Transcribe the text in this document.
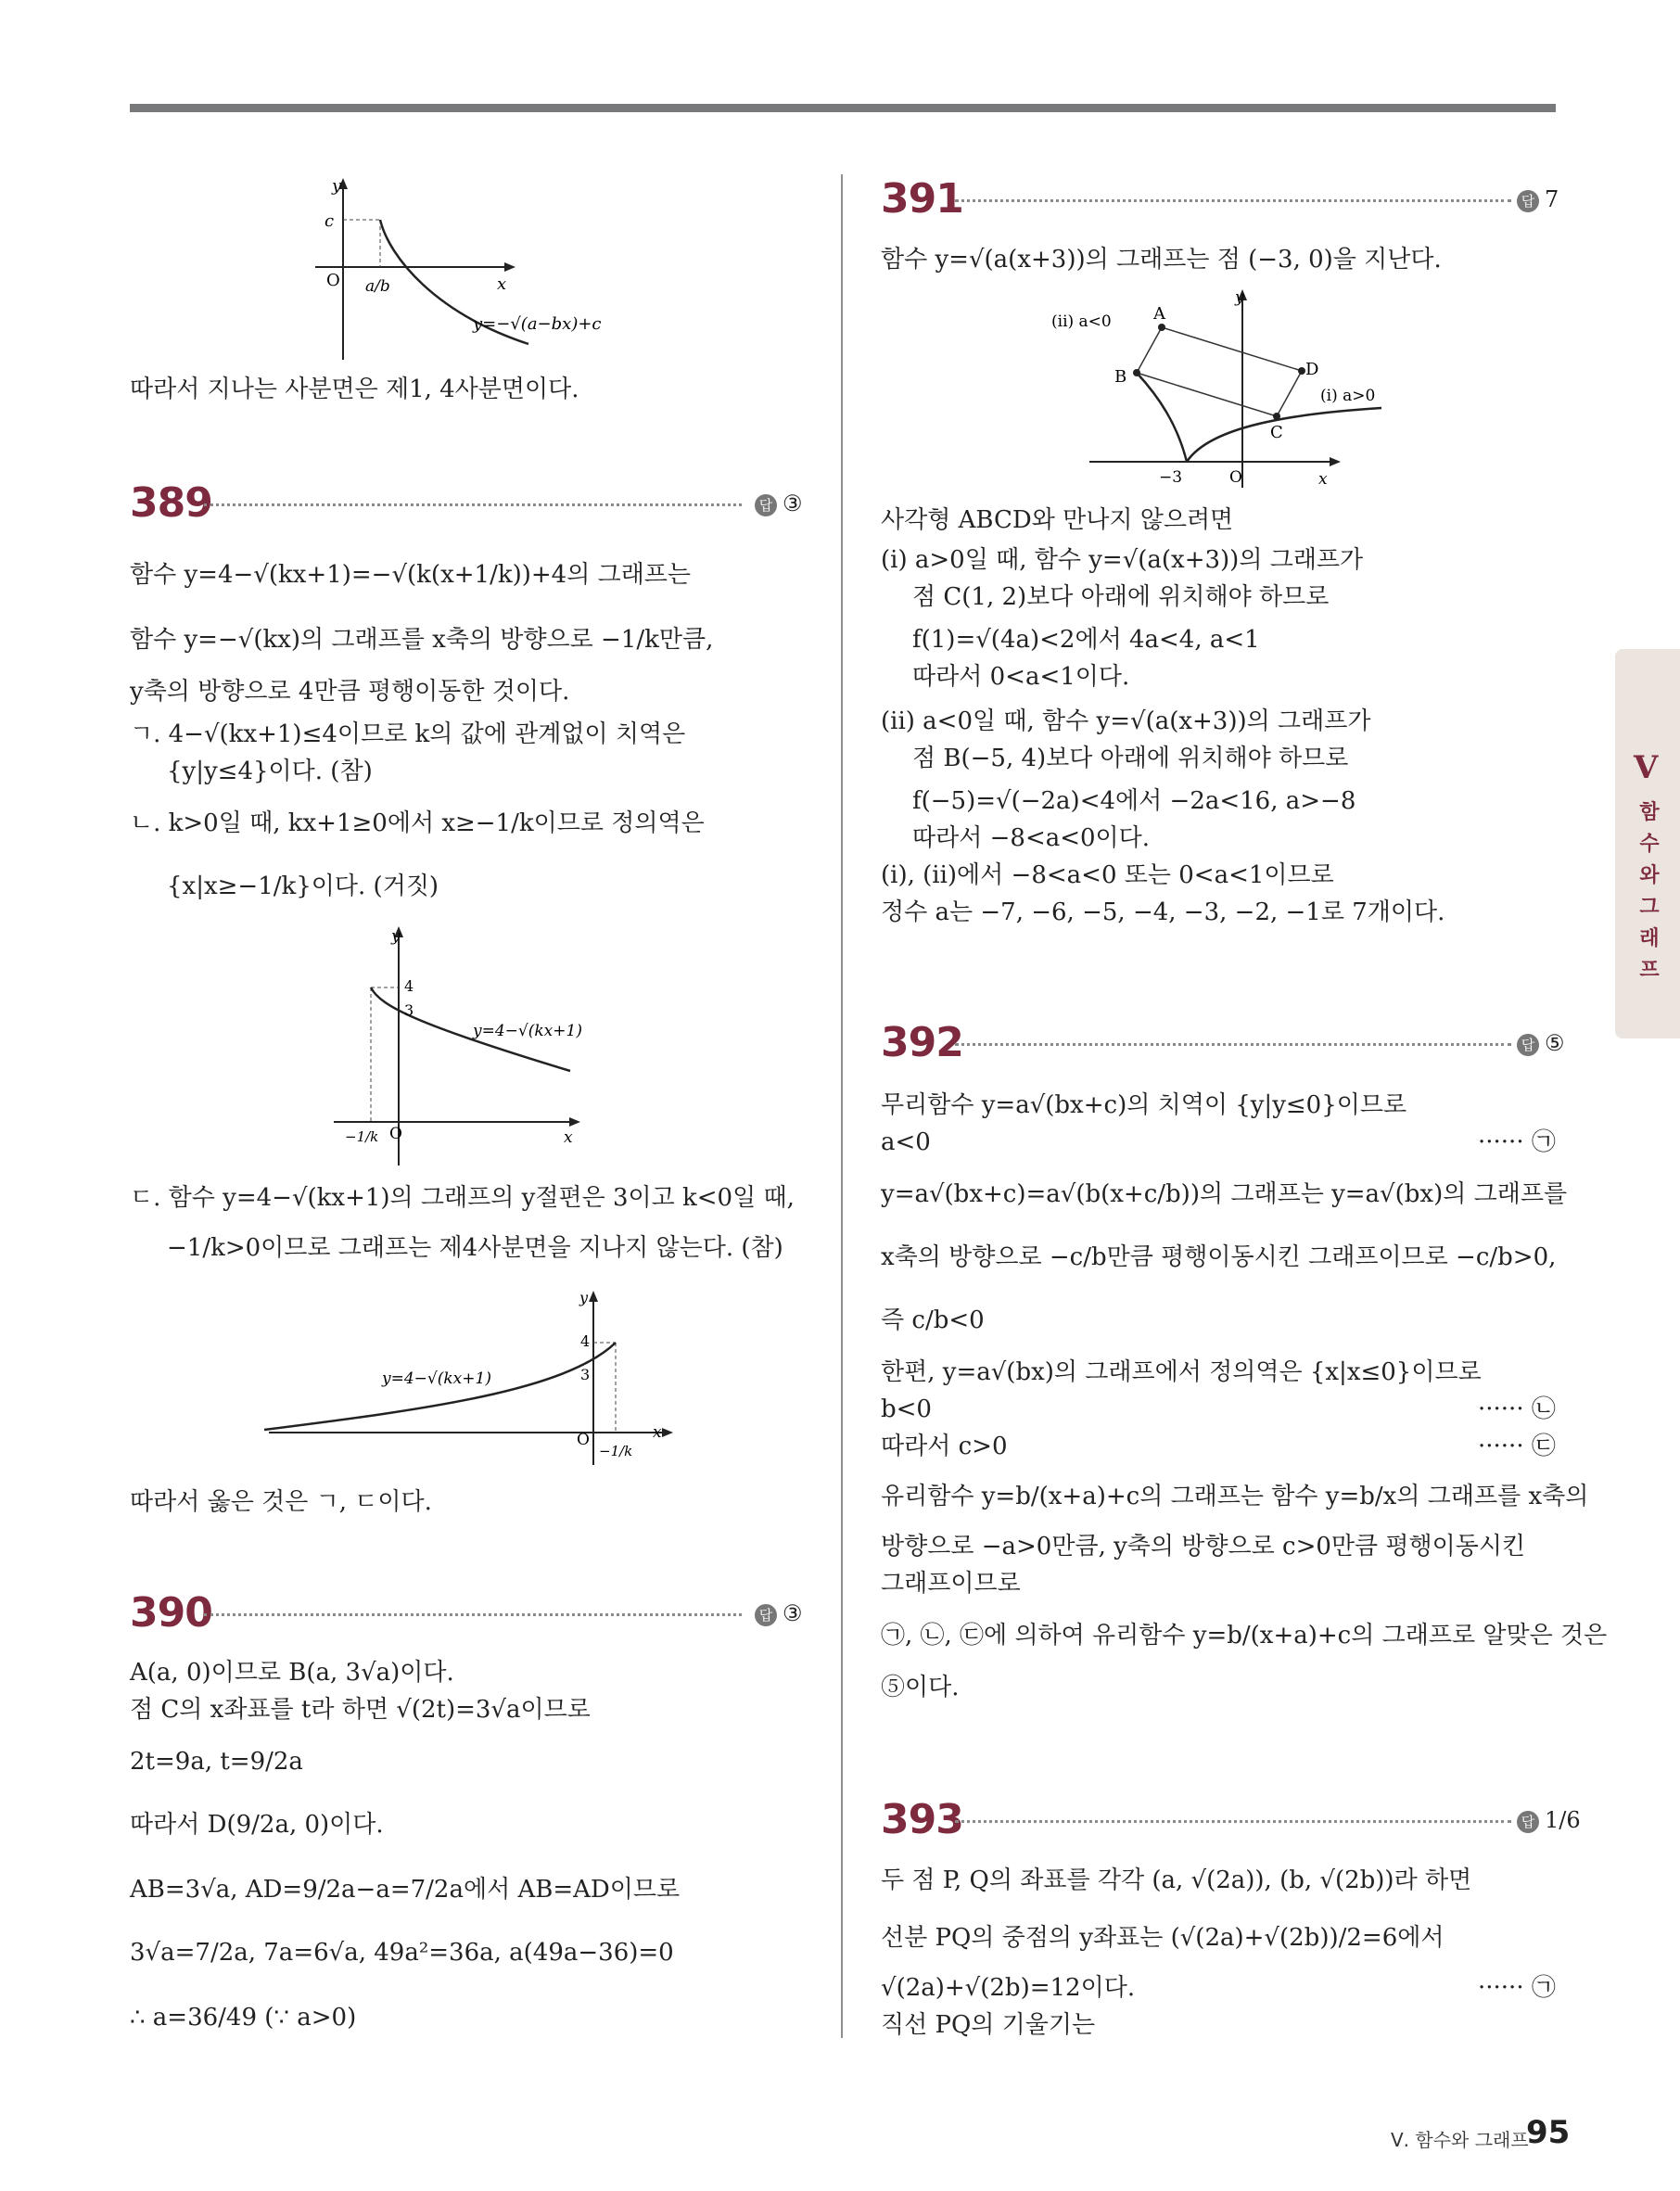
y
x
c
O a/b
y=−√(a−bx)+c
따라서 지나는 사분면은 제1, 4사분면이다.
389	답 ③
함수 y=4−√(kx+1)=−√(k(x+1/k))+4의 그래프는
함수 y=−√(kx)의 그래프를 x축의 방향으로 −1/k만큼,
y축의 방향으로 4만큼 평행이동한 것이다.
ㄱ. 4−√(kx+1)≤4이므로 k의 값에 관계없이 치역은
{y|y≤4}이다. (참)
ㄴ. k>0일 때, kx+1≥0에서 x≥−1/k이므로 정의역은
{x|x≥−1/k}이다. (거짓)
y
x
4
3
O
−1/k
y=4−√(kx+1)
ㄷ. 함수 y=4−√(kx+1)의 그래프의 y절편은 3이고 k<0일 때,
−1/k>0이므로 그래프는 제4사분면을 지나지 않는다. (참)
y
x
4
3
O
−1/k
y=4−√(kx+1)
따라서 옳은 것은 ㄱ, ㄷ이다.
390	답 ③
A(a, 0)이므로 B(a, 3√a)이다.
점 C의 x좌표를 t라 하면 √(2t)=3√a이므로
2t=9a, t=9/2a
따라서 D(9/2a, 0)이다.
AB=3√a, AD=9/2a−a=7/2a에서 AB=AD이므로
3√a=7/2a, 7a=6√a, 49a²=36a, a(49a−36)=0
∴ a=36/49 (∵ a>0)
391	답 7
함수 y=√(a(x+3))의 그래프는 점 (−3, 0)을 지난다.
y
x
O
−3
A
B
C
D
(i) a>0
(ii) a<0
사각형 ABCD와 만나지 않으려면
(i) a>0일 때, 함수 y=√(a(x+3))의 그래프가
점 C(1, 2)보다 아래에 위치해야 하므로
f(1)=√(4a)<2에서 4a<4, a<1
따라서 0<a<1이다.
(ii) a<0일 때, 함수 y=√(a(x+3))의 그래프가
점 B(−5, 4)보다 아래에 위치해야 하므로
f(−5)=√(−2a)<4에서 −2a<16, a>−8
따라서 −8<a<0이다.
(i), (ii)에서 −8<a<0 또는 0<a<1이므로
정수 a는 −7, −6, −5, −4, −3, −2, −1로 7개이다.
392	답 ⑤
무리함수 y=a√(bx+c)의 치역이 {y|y≤0}이므로
a<0	······ ㉠
y=a√(bx+c)=a√(b(x+c/b))의 그래프는 y=a√(bx)의 그래프를
x축의 방향으로 −c/b만큼 평행이동시킨 그래프이므로 −c/b>0,
즉 c/b<0
한편, y=a√(bx)의 그래프에서 정의역은 {x|x≤0}이므로
b<0	······ ㉡
따라서 c>0	······ ㉢
유리함수 y=b/(x+a)+c의 그래프는 함수 y=b/x의 그래프를 x축의
방향으로 −a>0만큼, y축의 방향으로 c>0만큼 평행이동시킨
그래프이므로
㉠, ㉡, ㉢에 의하여 유리함수 y=b/(x+a)+c의 그래프로 알맞은 것은
⑤이다.
393	답 1/6
두 점 P, Q의 좌표를 각각 (a, √(2a)), (b, √(2b))라 하면
선분 PQ의 중점의 y좌표는 (√(2a)+√(2b))/2=6에서
√(2a)+√(2b)=12이다.	······ ㉠
직선 PQ의 기울기는
V
함수와그래프
Ⅴ. 함수와 그래프
95
